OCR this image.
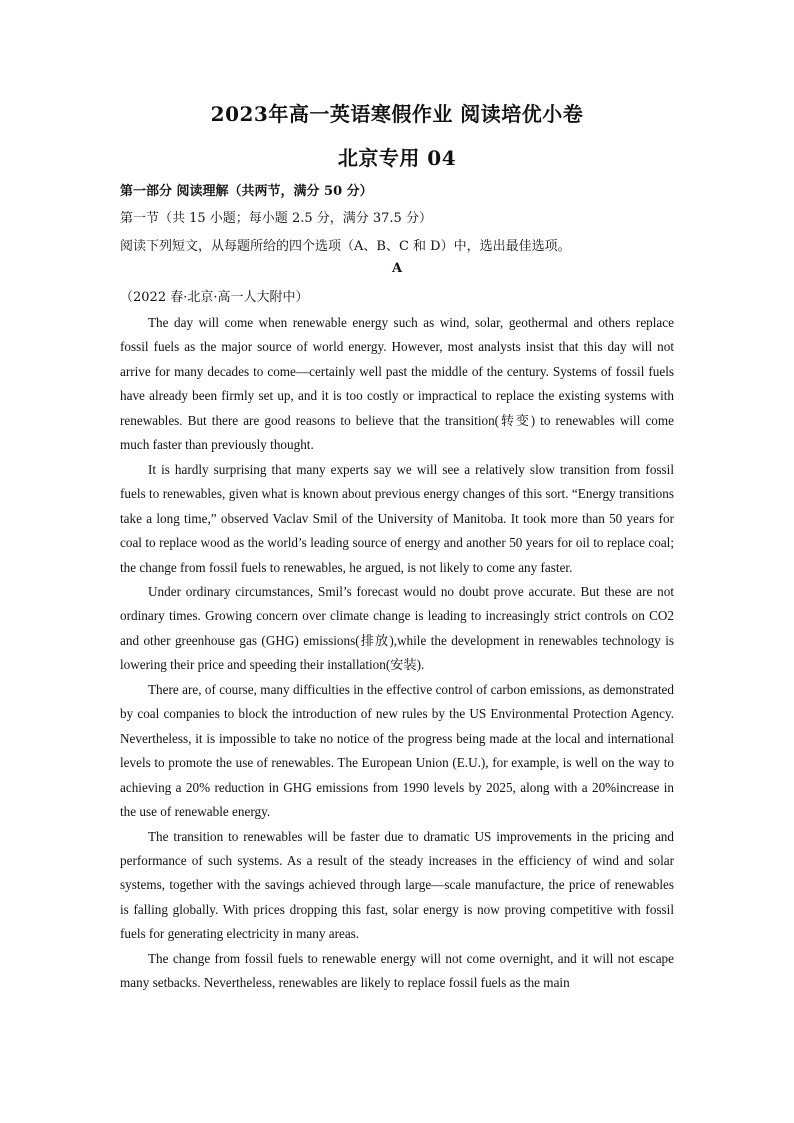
2023年高一英语寒假作业 阅读培优小卷
北京专用 04
第一部分 阅读理解（共两节，满分 50 分）
第一节（共 15 小题；每小题 2.5 分，满分 37.5 分）
阅读下列短文，从每题所给的四个选项（A、B、C 和 D）中，选出最佳选项。
A
（2022 春·北京·高一人大附中）

The day will come when renewable energy such as wind, solar, geothermal and others replace fossil fuels as the major source of world energy. However, most analysts insist that this day will not arrive for many decades to come—certainly well past the middle of the century. Systems of fossil fuels have already been firmly set up, and it is too costly or impractical to replace the existing systems with renewables. But there are good reasons to believe that the transition(转变) to renewables will come much faster than previously thought.

It is hardly surprising that many experts say we will see a relatively slow transition from fossil fuels to renewables, given what is known about previous energy changes of this sort. “Energy transitions take a long time,” observed Vaclav Smil of the University of Manitoba. It took more than 50 years for coal to replace wood as the world’s leading source of energy and another 50 years for oil to replace coal; the change from fossil fuels to renewables, he argued, is not likely to come any faster.

Under ordinary circumstances, Smil’s forecast would no doubt prove accurate. But these are not ordinary times. Growing concern over climate change is leading to increasingly strict controls on CO2 and other greenhouse gas (GHG) emissions(排放),while the development in renewables technology is lowering their price and speeding their installation(安装).

There are, of course, many difficulties in the effective control of carbon emissions, as demonstrated by coal companies to block the introduction of new rules by the US Environmental Protection Agency. Nevertheless, it is impossible to take no notice of the progress being made at the local and international levels to promote the use of renewables. The European Union (E.U.), for example, is well on the way to achieving a 20% reduction in GHG emissions from 1990 levels by 2025, along with a 20%increase in the use of renewable energy.

The transition to renewables will be faster due to dramatic US improvements in the pricing and performance of such systems. As a result of the steady increases in the efficiency of wind and solar systems, together with the savings achieved through large—scale manufacture, the price of renewables is falling globally. With prices dropping this fast, solar energy is now proving competitive with fossil fuels for generating electricity in many areas.

The change from fossil fuels to renewable energy will not come overnight, and it will not escape many setbacks. Nevertheless, renewables are likely to replace fossil fuels as the main
